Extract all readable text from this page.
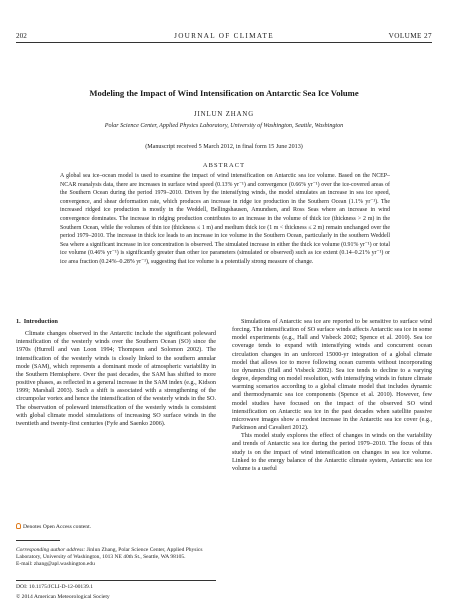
202	JOURNAL OF CLIMATE	VOLUME 27
Modeling the Impact of Wind Intensification on Antarctic Sea Ice Volume
JINLUN ZHANG
Polar Science Center, Applied Physics Laboratory, University of Washington, Seattle, Washington
(Manuscript received 5 March 2012, in final form 15 June 2013)
ABSTRACT
A global sea ice–ocean model is used to examine the impact of wind intensification on Antarctic sea ice volume. Based on the NCEP–NCAR reanalysis data, there are increases in surface wind speed (0.13% yr⁻¹) and convergence (0.66% yr⁻¹) over the ice-covered areas of the Southern Ocean during the period 1979–2010. Driven by the intensifying winds, the model simulates an increase in sea ice speed, convergence, and shear deformation rate, which produces an increase in ridge ice production in the Southern Ocean (1.1% yr⁻¹). The increased ridged ice production is mostly in the Weddell, Bellingshausen, Amundsen, and Ross Seas where an increase in wind convergence dominates. The increase in ridging production contributes to an increase in the volume of thick ice (thickness > 2 m) in the Southern Ocean, while the volumes of thin ice (thickness ≤ 1 m) and medium thick ice (1 m < thickness ≤ 2 m) remain unchanged over the period 1979–2010. The increase in thick ice leads to an increase in ice volume in the Southern Ocean, particularly in the southern Weddell Sea where a significant increase in ice concentration is observed. The simulated increase in either the thick ice volume (0.91% yr⁻¹) or total ice volume (0.46% yr⁻¹) is significantly greater than other ice parameters (simulated or observed) such as ice extent (0.14–0.21% yr⁻¹) or ice area fraction (0.24%–0.28% yr⁻¹), suggesting that ice volume is a potentially strong measure of change.
1. Introduction

Climate changes observed in the Antarctic include the significant poleward intensification of the westerly winds over the Southern Ocean (SO) since the 1970s (Hurrell and van Loon 1994; Thompson and Solomon 2002). The intensification of the westerly winds is closely linked to the southern annular mode (SAM), which represents a dominant mode of atmospheric variability in the Southern Hemisphere. Over the past decades, the SAM has shifted to more positive phases, as reflected in a general increase in the SAM index (e.g., Kidson 1999; Marshall 2003). Such a shift is associated with a strengthening of the circumpolar vortex and hence the intensification of the westerly winds in the SO. The observation of poleward intensification of the westerly winds is consistent with global climate model simulations of increasing SO surface winds in the twentieth and twenty-first centuries (Fyfe and Saenko 2006).

Simulations of Antarctic sea ice are reported to be sensitive to surface wind forcing. The intensification of SO surface winds affects Antarctic sea ice in some model experiments (e.g., Hall and Visbeck 2002; Spence et al. 2010). Sea ice coverage tends to expand with intensifying winds and concurrent ocean circulation changes in an unforced 15000-yr integration of a global climate model that allows ice to move following ocean currents without incorporating ice dynamics (Hall and Visbeck 2002). Sea ice tends to decline to a varying degree, depending on model resolution, with intensifying winds in future climate warming scenarios according to a global climate model that includes dynamic and thermodynamic sea ice components (Spence et al. 2010). However, few model studies have focused on the impact of the observed SO wind intensification on Antarctic sea ice in the past decades when satellite passive microwave images show a modest increase in the Antarctic sea ice cover (e.g., Parkinson and Cavalieri 2012).

This model study explores the effect of changes in winds on the variability and trends of Antarctic sea ice during the period 1979–2010. The focus of this study is on the impact of wind intensification on changes in sea ice volume. Linked to the energy balance of the Antarctic climate system, Antarctic sea ice volume is a useful

Denotes Open Access content.
Corresponding author address: Jinlun Zhang, Polar Science Center, Applied Physics Laboratory, University of Washington, 1013 NE 40th St., Seattle, WA 98105.
E-mail: zhang@apl.washington.edu
DOI: 10.1175/JCLI-D-12-00139.1
© 2014 American Meteorological Society
